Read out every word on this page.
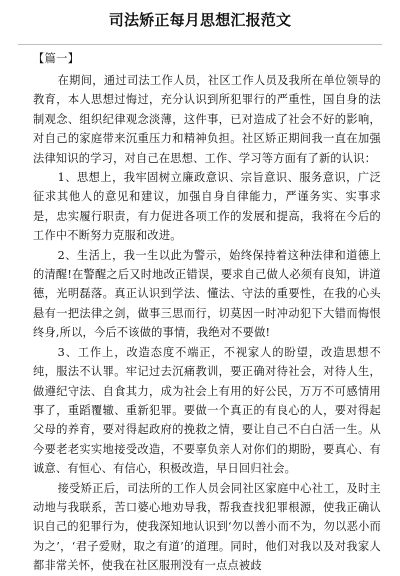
司法矫正每月思想汇报范文
【篇一】

在期间，通过司法工作人员，社区工作人员及我所在单位领导的教育，本人思想过悔过，充分认识到所犯罪行的严重性，国自身的法制观念、组织纪律观念淡薄，这件事，已对造成了社会不好的影响，对自己的家庭带来沉重压力和精神负担。社区矫正期间我一直在加强法律知识的学习，对自己在思想、工作、学习等方面有了新的认识：

1、思想上，我牢固树立廉政意识、宗旨意识、服务意识，广泛征求其他人的意见和建议，加强自身自律能力，严谨务实、实事求是，忠实履行职责，有力促进各项工作的发展和提高，我将在今后的工作中不断努力克服和改进。

2、生活上，我一生以此为警示，始终保持着这种法律和道德上的清醒!在警醒之后又时地改正错误，要求自己做人必须有良知，讲道德，光明磊落。真正认识到学法、懂法、守法的重要性，在我的心头悬有一把法律之剑，做事三思而行，切莫因一时冲动犯下大错而悔恨终身,所以，今后不该做的事情，我绝对不要做!

3、工作上，改造态度不端正，不视家人的盼望，改造思想不纯，服法不认罪。牢记过去沉痛教训，要正确对待社会，对待人生，做遵纪守法、自食其力，成为社会上有用的好公民，万万不可感情用事了，重蹈覆辙、重新犯罪。要做一个真正的有良心的人，要对得起父母的养育，要对得起政府的挽救之情，要让自己不白白活一生。从今要老老实实地接受改造，不要辜负亲人对你们的期盼，要真心、有诚意、有恒心、有信心，积极改造，早日回归社会。

接受矫正后，司法所的工作人员会同社区家庭中心社工，及时主动地与我联系，苦口婆心地劝导我，帮我查找犯罪根源，使我正确认识自己的犯罪行为，使我深知地认识到‘勿以善小而不为，勿以恶小而为之’，‘君子爱财，取之有道’的道理。同时，他们对我以及对我家人都非常关怀，使我在社区服刑没有一点点被歧
